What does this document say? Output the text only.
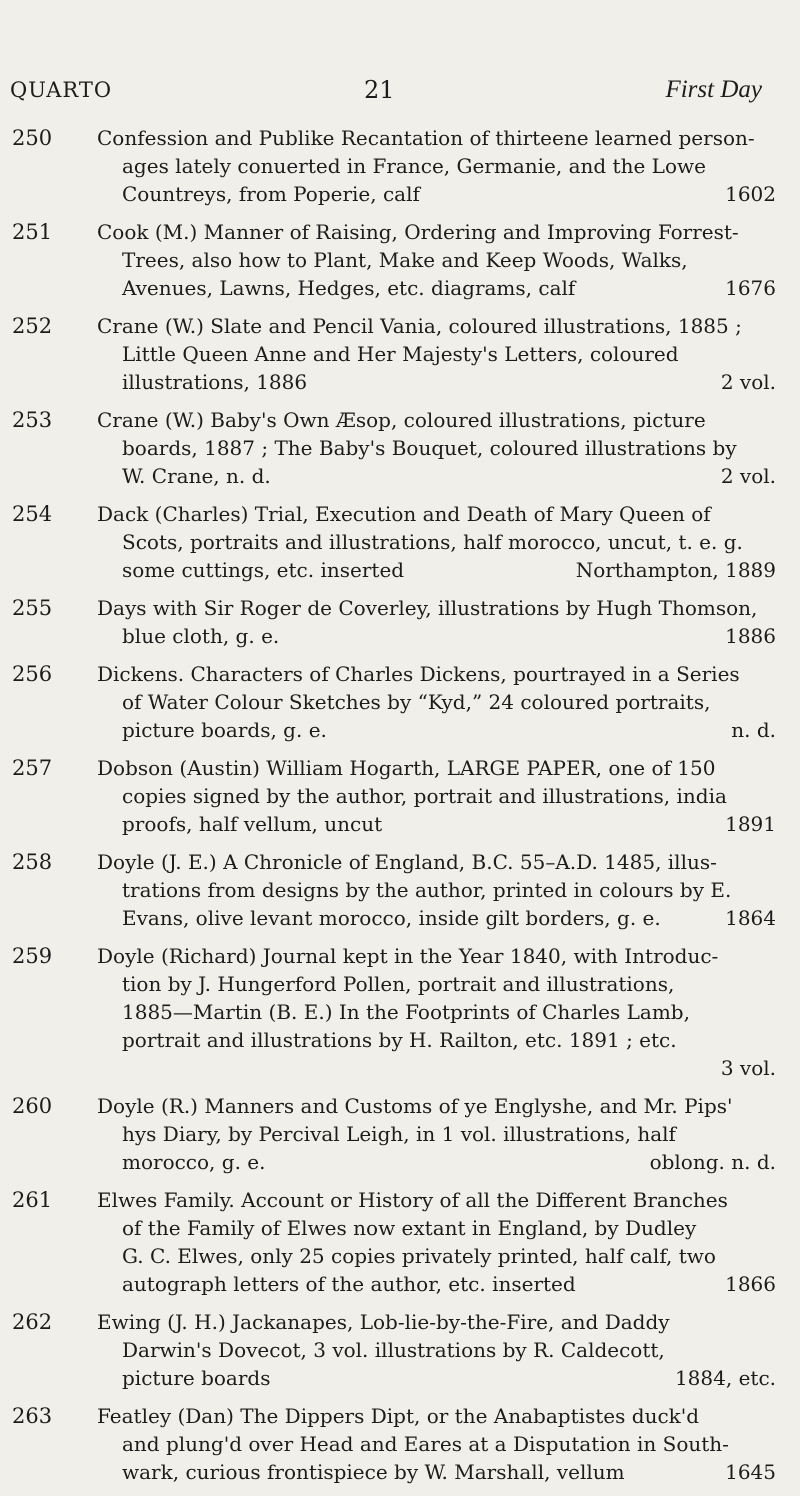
QUARTO	21	First Day
250 Confession and Publike Recantation of thirteene learned person-
ages lately conuerted in France, Germanie, and the Lowe
Countreys, from Poperie, calf	1602
251 Cook (M.) Manner of Raising, Ordering and Improving Forrest-
Trees, also how to Plant, Make and Keep Woods, Walks,
Avenues, Lawns, Hedges, etc. diagrams, calf	1676
252 Crane (W.) Slate and Pencil Vania, coloured illustrations, 1885 ;
Little Queen Anne and Her Majesty's Letters, coloured
illustrations, 1886	2 vol.
253 Crane (W.) Baby's Own Æsop, coloured illustrations, picture
boards, 1887 ; The Baby's Bouquet, coloured illustrations by
W. Crane, n. d.	2 vol.
254 Dack (Charles) Trial, Execution and Death of Mary Queen of
Scots, portraits and illustrations, half morocco, uncut, t. e. g.
some cuttings, etc. inserted	Northampton, 1889
255 Days with Sir Roger de Coverley, illustrations by Hugh Thomson,
blue cloth, g. e.	1886
256 Dickens. Characters of Charles Dickens, pourtrayed in a Series
of Water Colour Sketches by “Kyd,” 24 coloured portraits,
picture boards, g. e.	n. d.
257 Dobson (Austin) William Hogarth, LARGE PAPER, one of 150
copies signed by the author, portrait and illustrations, india
proofs, half vellum, uncut	1891
258 Doyle (J. E.) A Chronicle of England, B.C. 55–A.D. 1485, illus-
trations from designs by the author, printed in colours by E.
Evans, olive levant morocco, inside gilt borders, g. e.	1864
259 Doyle (Richard) Journal kept in the Year 1840, with Introduc-
tion by J. Hungerford Pollen, portrait and illustrations,
1885—Martin (B. E.) In the Footprints of Charles Lamb,
portrait and illustrations by H. Railton, etc. 1891 ; etc.
3 vol.
260 Doyle (R.) Manners and Customs of ye Englyshe, and Mr. Pips'
hys Diary, by Percival Leigh, in 1 vol. illustrations, half
morocco, g. e.	oblong. n. d.
261 Elwes Family. Account or History of all the Different Branches
of the Family of Elwes now extant in England, by Dudley
G. C. Elwes, only 25 copies privately printed, half calf, two
autograph letters of the author, etc. inserted	1866
262 Ewing (J. H.) Jackanapes, Lob-lie-by-the-Fire, and Daddy
Darwin's Dovecot, 3 vol. illustrations by R. Caldecott,
picture boards	1884, etc.
263 Featley (Dan) The Dippers Dipt, or the Anabaptistes duck'd
and plung'd over Head and Eares at a Disputation in South-
wark, curious frontispiece by W. Marshall, vellum	1645
